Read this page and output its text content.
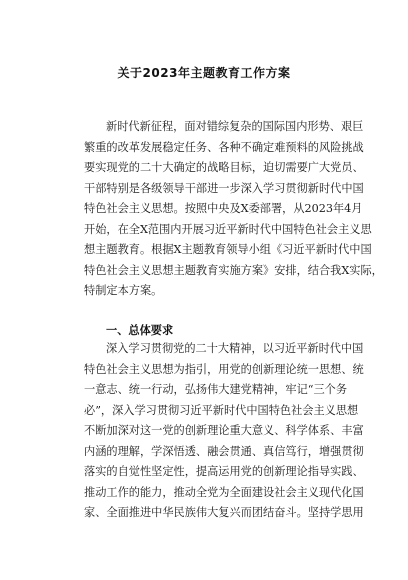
关于2023年主题教育工作方案
新时代新征程，面对错综复杂的国际国内形势、艰巨
繁重的改革发展稳定任务、各种不确定难预料的风险挑战
要实现党的二十大确定的战略目标，迫切需要广大党员、
干部特别是各级领导干部进一步深入学习贯彻新时代中国
特色社会主义思想。按照中央及X委部署，从2023年4月
开始，在全X范围内开展习近平新时代中国特色社会主义思
想主题教育。根据X主题教育领导小组《习近平新时代中国
特色社会主义思想主题教育实施方案》安排，结合我X实际，
特制定本方案。
一、总体要求
深入学习贯彻党的二十大精神，以习近平新时代中国
特色社会主义思想为指引，用党的创新理论统一思想、统
一意志、统一行动，弘扬伟大建党精神，牢记“三个务
必”，深入学习贯彻习近平新时代中国特色社会主义思想
不断加深对这一党的创新理论重大意义、科学体系、丰富
内涵的理解，学深悟透、融会贯通、真信笃行，增强贯彻
落实的自觉性坚定性，提高运用党的创新理论指导实践、
推动工作的能力，推动全党为全面建设社会主义现代化国
家、全面推进中华民族伟大复兴而团结奋斗。坚持学思用
